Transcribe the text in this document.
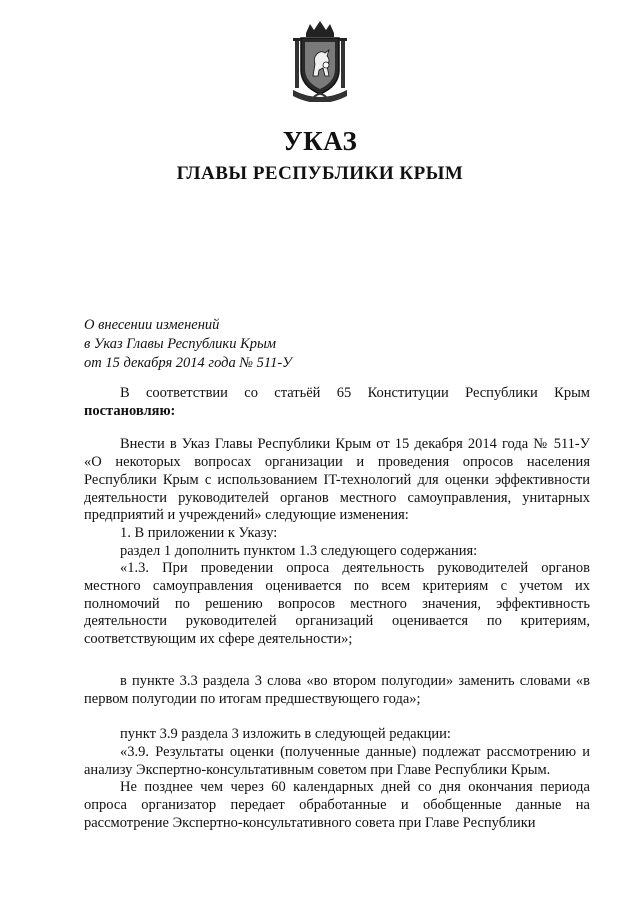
УКАЗ
ГЛАВЫ РЕСПУБЛИКИ КРЫМ
О внесении изменений
в Указ Главы Республики Крым
от 15 декабря 2014 года № 511-У

В соответствии со статьёй 65 Конституции Республики Крым

постановляю:

Внести в Указ Главы Республики Крым от 15 декабря 2014 года № 511-У «О некоторых вопросах организации и проведения опросов населения Республики Крым с использованием IT-технологий для оценки эффективности деятельности руководителей органов местного самоуправления, унитарных предприятий и учреждений» следующие изменения:

1. В приложении к Указу:

раздел 1 дополнить пунктом 1.3 следующего содержания:

«1.3. При проведении опроса деятельность руководителей органов местного самоуправления оценивается по всем критериям с учетом их полномочий по решению вопросов местного значения, эффективность деятельности руководителей организаций оценивается по критериям, соответствующим их сфере деятельности»;

в пункте 3.3 раздела 3 слова «во втором полугодии» заменить словами «в первом полугодии по итогам предшествующего года»;

пункт 3.9 раздела 3 изложить в следующей редакции:

«3.9. Результаты оценки (полученные данные) подлежат рассмотрению и анализу Экспертно-консультативным советом при Главе Республики Крым.

Не позднее чем через 60 календарных дней со дня окончания периода опроса организатор передает обработанные и обобщенные данные на рассмотрение Экспертно-консультативного совета при Главе Республики
